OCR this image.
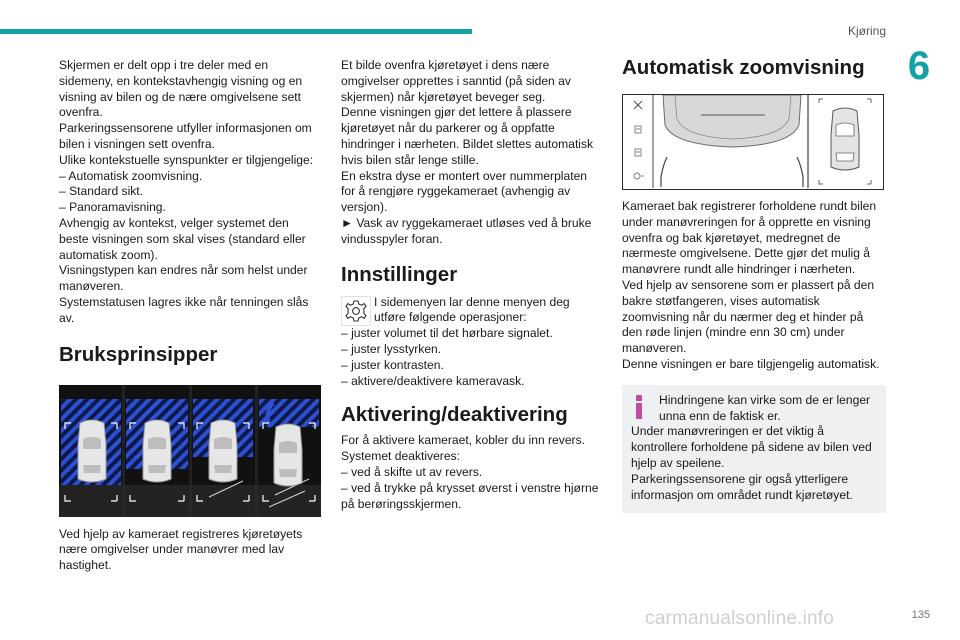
Kjøring
6
Skjermen er delt opp i tre deler med en sidemeny, en kontekstavhengig visning og en visning av bilen og de nære omgivelsene sett ovenfra.
Parkeringssensorene utfyller informasjonen om bilen i visningen sett ovenfra.
Ulike kontekstuelle synspunkter er tilgjengelige:
– Automatisk zoomvisning.
– Standard sikt.
– Panoramavisning.
Avhengig av kontekst, velger systemet den beste visningen som skal vises (standard eller automatisk zoom).
Visningstypen kan endres når som helst under manøveren.
Systemstatusen lagres ikke når tenningen slås av.
Bruksprinsipper
Ved hjelp av kameraet registreres kjøretøyets nære omgivelser under manøvrer med lav hastighet.
Et bilde ovenfra kjøretøyet i dens nære omgivelser opprettes i sanntid (på siden av skjermen) når kjøretøyet beveger seg.
Denne visningen gjør det lettere å plassere kjøretøyet når du parkerer og å oppfatte hindringer i nærheten. Bildet slettes automatisk hvis bilen står lenge stille.
En ekstra dyse er montert over nummerplaten for å rengjøre ryggekameraet (avhengig av versjon).
► Vask av ryggekameraet utløses ved å bruke vindusspyler foran.
Innstillinger
I sidemenyen lar denne menyen deg utføre følgende operasjoner:
– juster volumet til det hørbare signalet.
– juster lysstyrken.
– juster kontrasten.
– aktivere/deaktivere kameravask.
Aktivering/deaktivering
For å aktivere kameraet, kobler du inn revers.
Systemet deaktiveres:
– ved å skifte ut av revers.
– ved å trykke på krysset øverst i venstre hjørne på berøringsskjermen.
Automatisk zoomvisning
Kameraet bak registrerer forholdene rundt bilen under manøvreringen for å opprette en visning ovenfra og bak kjøretøyet, medregnet de nærmeste omgivelsene. Dette gjør det mulig å manøvrere rundt alle hindringer i nærheten.
Ved hjelp av sensorene som er plassert på den bakre støtfangeren, vises automatisk zoomvisning når du nærmer deg et hinder på den røde linjen (mindre enn 30 cm) under manøveren.
Denne visningen er bare tilgjengelig automatisk.
Hindringene kan virke som de er lenger unna enn de faktisk er.
Under manøvreringen er det viktig å kontrollere forholdene på sidene av bilen ved hjelp av speilene.
Parkeringssensorene gir også ytterligere informasjon om området rundt kjøretøyet.
carmanualsonline.info	135
